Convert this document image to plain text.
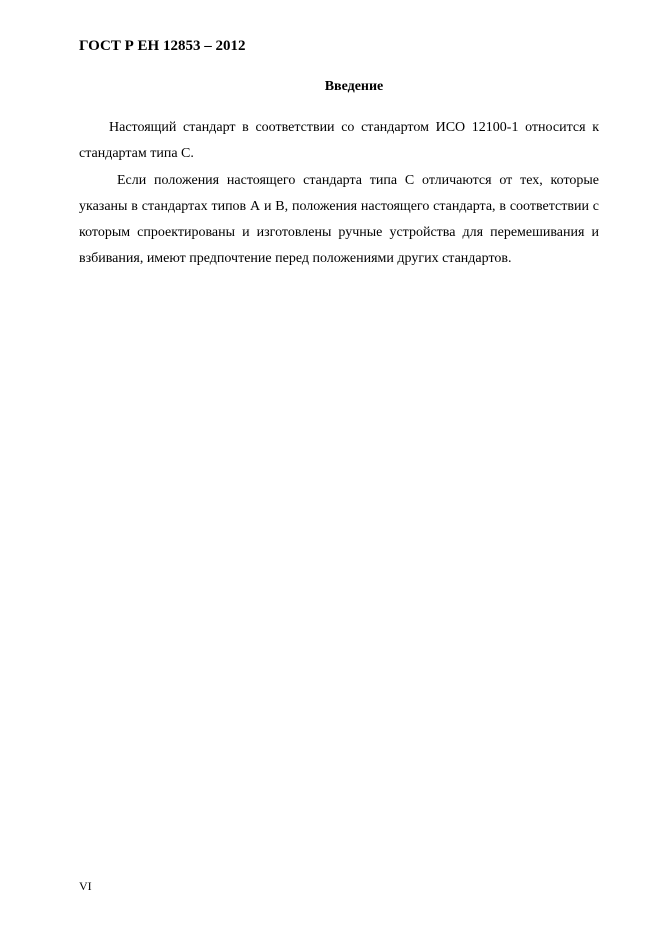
ГОСТ Р ЕН 12853 – 2012
Введение

Настоящий стандарт в соответствии со стандартом ИСО 12100-1 относится к стандартам типа С.

Если положения настоящего стандарта типа С отличаются от тех, которые указаны в стандартах типов А и В, положения настоящего стандарта, в соответствии с которым спроектированы и изготовлены ручные устройства для перемешивания и взбивания, имеют предпочтение перед положениями других стандартов.

VI
